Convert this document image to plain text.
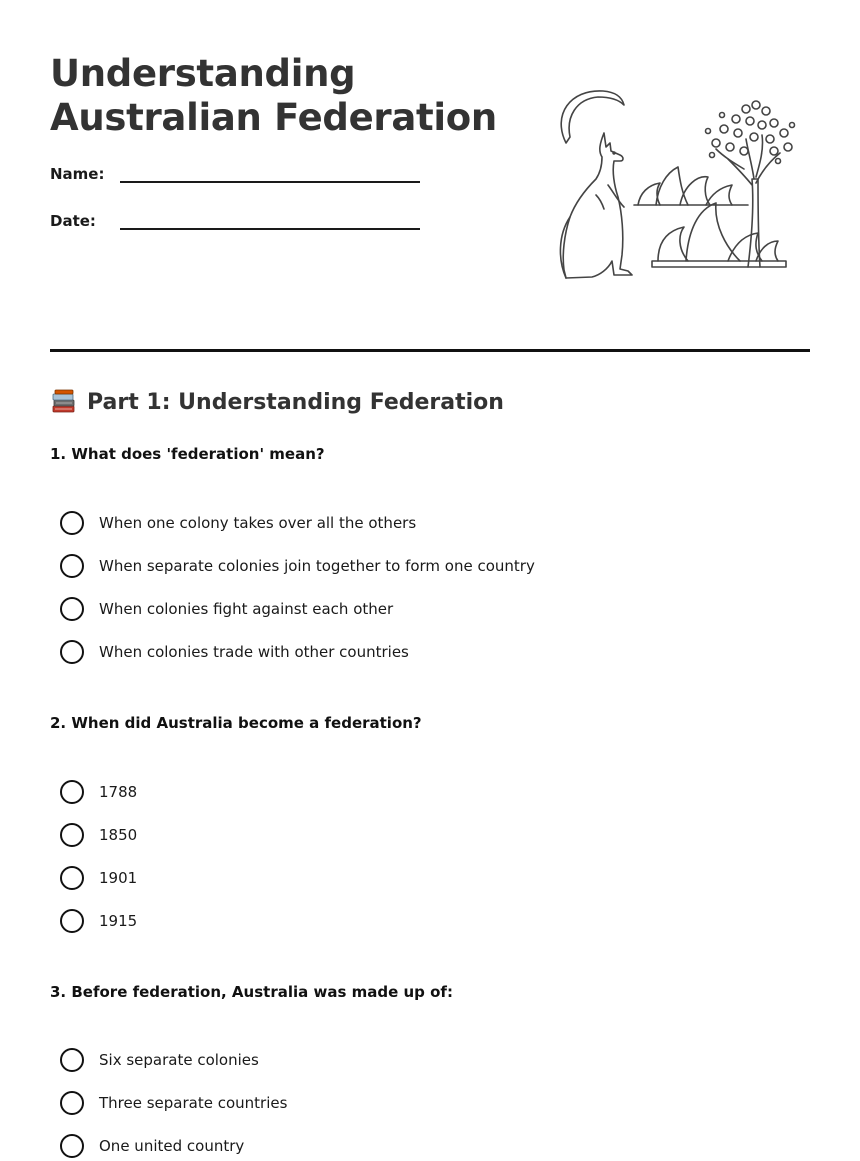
Understanding
Australian Federation
Name:
Date:
Part 1: Understanding Federation
1. What does 'federation' mean?
When one colony takes over all the others
When separate colonies join together to form one country
When colonies fight against each other
When colonies trade with other countries
2. When did Australia become a federation?
1788
1850
1901
1915
3. Before federation, Australia was made up of:
Six separate colonies
Three separate countries
One united country
